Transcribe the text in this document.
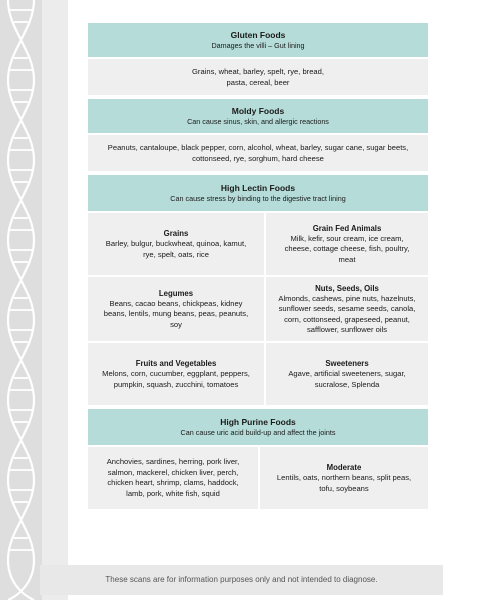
Gluten Foods
Damages the villi – Gut lining
Grains, wheat, barley, spelt, rye, bread,
pasta, cereal, beer
Moldy Foods
Can cause sinus, skin, and allergic reactions
Peanuts, cantaloupe, black pepper, corn, alcohol, wheat, barley, sugar cane, sugar beets,
cottonseed, rye, sorghum, hard cheese
High Lectin Foods
Can cause stress by binding to the digestive tract lining
Grains
Barley, bulgur, buckwheat, quinoa, kamut,
rye, spelt, oats, rice
Grain Fed Animals
Milk, kefir, sour cream, ice cream,
cheese, cottage cheese, fish, poultry,
meat
Legumes
Beans, cacao beans, chickpeas, kidney
beans, lentils, mung beans, peas, peanuts,
soy
Nuts, Seeds, Oils
Almonds, cashews, pine nuts, hazelnuts,
sunflower seeds, sesame seeds, canola,
corn, cottonseed, grapeseed, peanut,
safflower, sunflower oils
Fruits and Vegetables
Melons, corn, cucumber, eggplant, peppers,
pumpkin, squash, zucchini, tomatoes
Sweeteners
Agave, artificial sweeteners, sugar,
sucralose, Splenda
High Purine Foods
Can cause uric acid build-up and affect the joints
Anchovies, sardines, herring, pork liver,
salmon, mackerel, chicken liver, perch,
chicken heart, shrimp, clams, haddock,
lamb, pork, white fish, squid
Moderate
Lentils, oats, northern beans, split peas,
tofu, soybeans
These scans are for information purposes only and not intended to diagnose.
